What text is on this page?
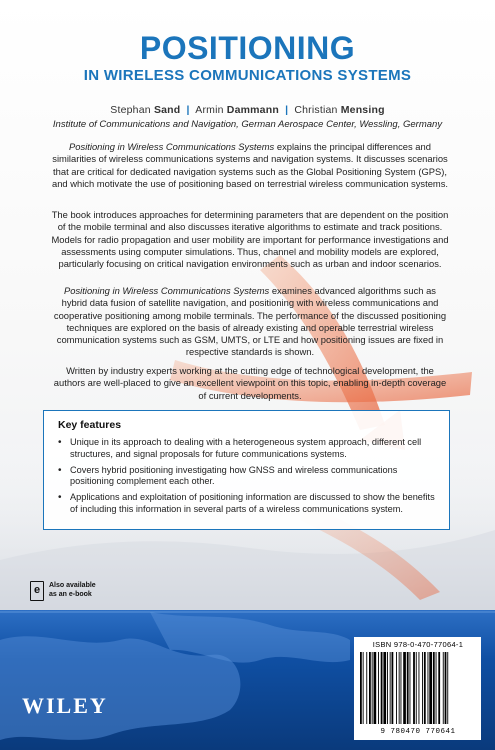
POSITIONING
IN WIRELESS COMMUNICATIONS SYSTEMS
Stephan Sand | Armin Dammann | Christian Mensing
Institute of Communications and Navigation, German Aerospace Center, Wessling, Germany

Positioning in Wireless Communications Systems explains the principal differences and similarities of wireless communications systems and navigation systems. It discusses scenarios that are critical for dedicated navigation systems such as the Global Positioning System (GPS), and which motivate the use of positioning based on terrestrial wireless communication systems.

The book introduces approaches for determining parameters that are dependent on the position of the mobile terminal and also discusses iterative algorithms to estimate and track positions. Models for radio propagation and user mobility are important for performance investigations and assessments using computer simulations. Thus, channel and mobility models are explored, particularly focusing on critical navigation environments such as urban and indoor scenarios.

Positioning in Wireless Communications Systems examines advanced algorithms such as hybrid data fusion of satellite navigation, and positioning with wireless communications and cooperative positioning among mobile terminals. The performance of the discussed positioning techniques are explored on the basis of already existing and operable terrestrial wireless communication systems such as GSM, UMTS, or LTE and how positioning issues are fixed in respective standards is shown.

Written by industry experts working at the cutting edge of technological development, the authors are well-placed to give an excellent viewpoint on this topic, enabling in-depth coverage of current developments.

Key features
• Unique in its approach to dealing with a heterogeneous system approach, different cell structures, and signal proposals for future communications systems.
• Covers hybrid positioning investigating how GNSS and wireless communications positioning complement each other.
• Applications and exploitation of positioning information are discussed to show the benefits of including this information in several parts of a wireless communications system.
e	Also available
as an e-book
WILEY
ISBN 978-0-470-77064-1
9 780470 770641
